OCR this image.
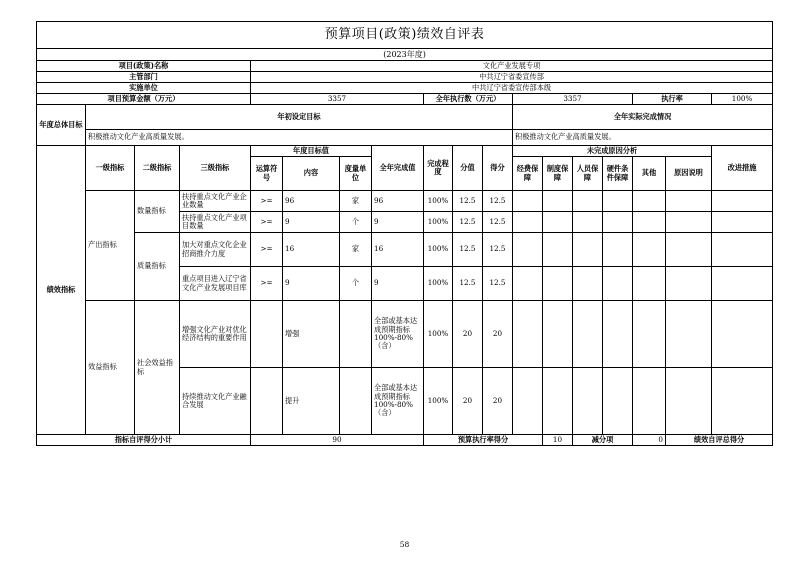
预算项目(政策)绩效自评表																		
(2023年度)																		
项目(政策)名称				文化产业发展专项														
主管部门				中共辽宁省委宣传部														
实施单位				中共辽宁省委宣传部本级														
项目预算金额（万元）				3357				全年执行数（万元）			3357				执行率		100%	
年度总体目标	年初设定目标										全年实际完成情况							
	积极推动文化产业高质量发展。										积极推动文化产业高质量发展。							
绩效指标	一级指标	二级指标	三级指标	年度目标值			全年完成值	完成程度	分值	得分	未完成原因分析						改进措施	
				运算符号	内容	度量单位					经费保障	制度保障	人员保障	硬件条件保障	其他	原因说明		
	产出指标	数量指标	扶持重点文化产业企业数量	>=	96	家	96	100%	12.5	12.5								
			扶持重点文化产业项目数量	>=	9	个	9	100%	12.5	12.5								
		质量指标	加大对重点文化企业招商推介力度	>=	16	家	16	100%	12.5	12.5								
			重点项目进入辽宁省文化产业发展项目库	>=	9	个	9	100%	12.5	12.5								
	效益指标	社会效益指标	增强文化产业对优化经济结构的重要作用		增强		全部或基本达成预期指标100%-80%（含）	100%	20	20								
			持续推动文化产业融合发展		提升		全部或基本达成预期指标100%-80%（含）	100%	20	20								
指标自评得分小计				90				预算执行率得分				10	减分项		0	绩效自评总得分	
58
